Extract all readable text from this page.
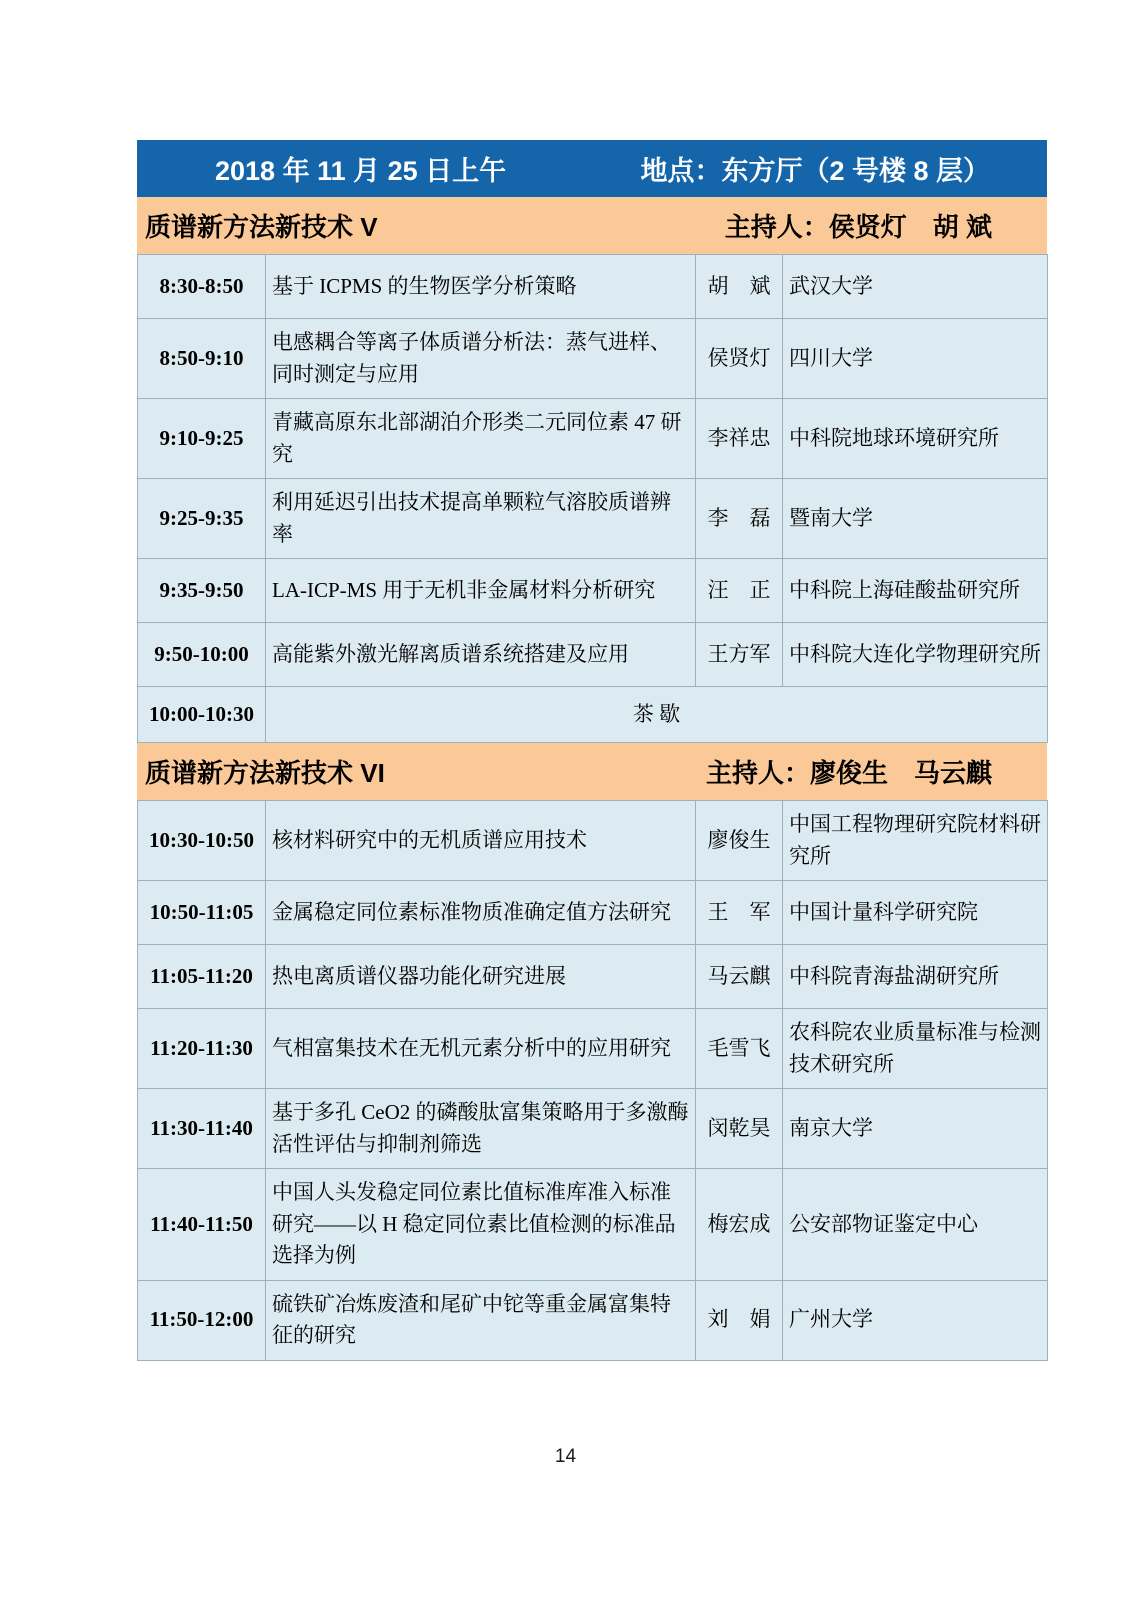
2018 年 11 月 25 日上午	地点：东方厅（2 号楼 8 层）
质谱新方法新技术 V	主持人：侯贤灯　胡 斌
8:30-8:50	基于 ICPMS 的生物医学分析策略	胡　斌	武汉大学
8:50-9:10	电感耦合等离子体质谱分析法：蒸气进样、同时测定与应用	侯贤灯	四川大学
9:10-9:25	青藏高原东北部湖泊介形类二元同位素 47 研究	李祥忠	中科院地球环境研究所
9:25-9:35	利用延迟引出技术提高单颗粒气溶胶质谱辨率	李　磊	暨南大学
9:35-9:50	LA-ICP-MS 用于无机非金属材料分析研究	汪　正	中科院上海硅酸盐研究所
9:50-10:00	高能紫外激光解离质谱系统搭建及应用	王方军	中科院大连化学物理研究所
10:00-10:30	茶 歇		
质谱新方法新技术 VI	主持人：廖俊生　马云麒
10:30-10:50	核材料研究中的无机质谱应用技术	廖俊生	中国工程物理研究院材料研究所
10:50-11:05	金属稳定同位素标准物质准确定值方法研究	王　军	中国计量科学研究院
11:05-11:20	热电离质谱仪器功能化研究进展	马云麒	中科院青海盐湖研究所
11:20-11:30	气相富集技术在无机元素分析中的应用研究	毛雪飞	农科院农业质量标准与检测技术研究所
11:30-11:40	基于多孔 CeO2 的磷酸肽富集策略用于多激酶活性评估与抑制剂筛选	闵乾昊	南京大学
11:40-11:50	中国人头发稳定同位素比值标准库准入标准研究——以 H 稳定同位素比值检测的标准品选择为例	梅宏成	公安部物证鉴定中心
11:50-12:00	硫铁矿冶炼废渣和尾矿中铊等重金属富集特征的研究	刘　娟	广州大学
14
